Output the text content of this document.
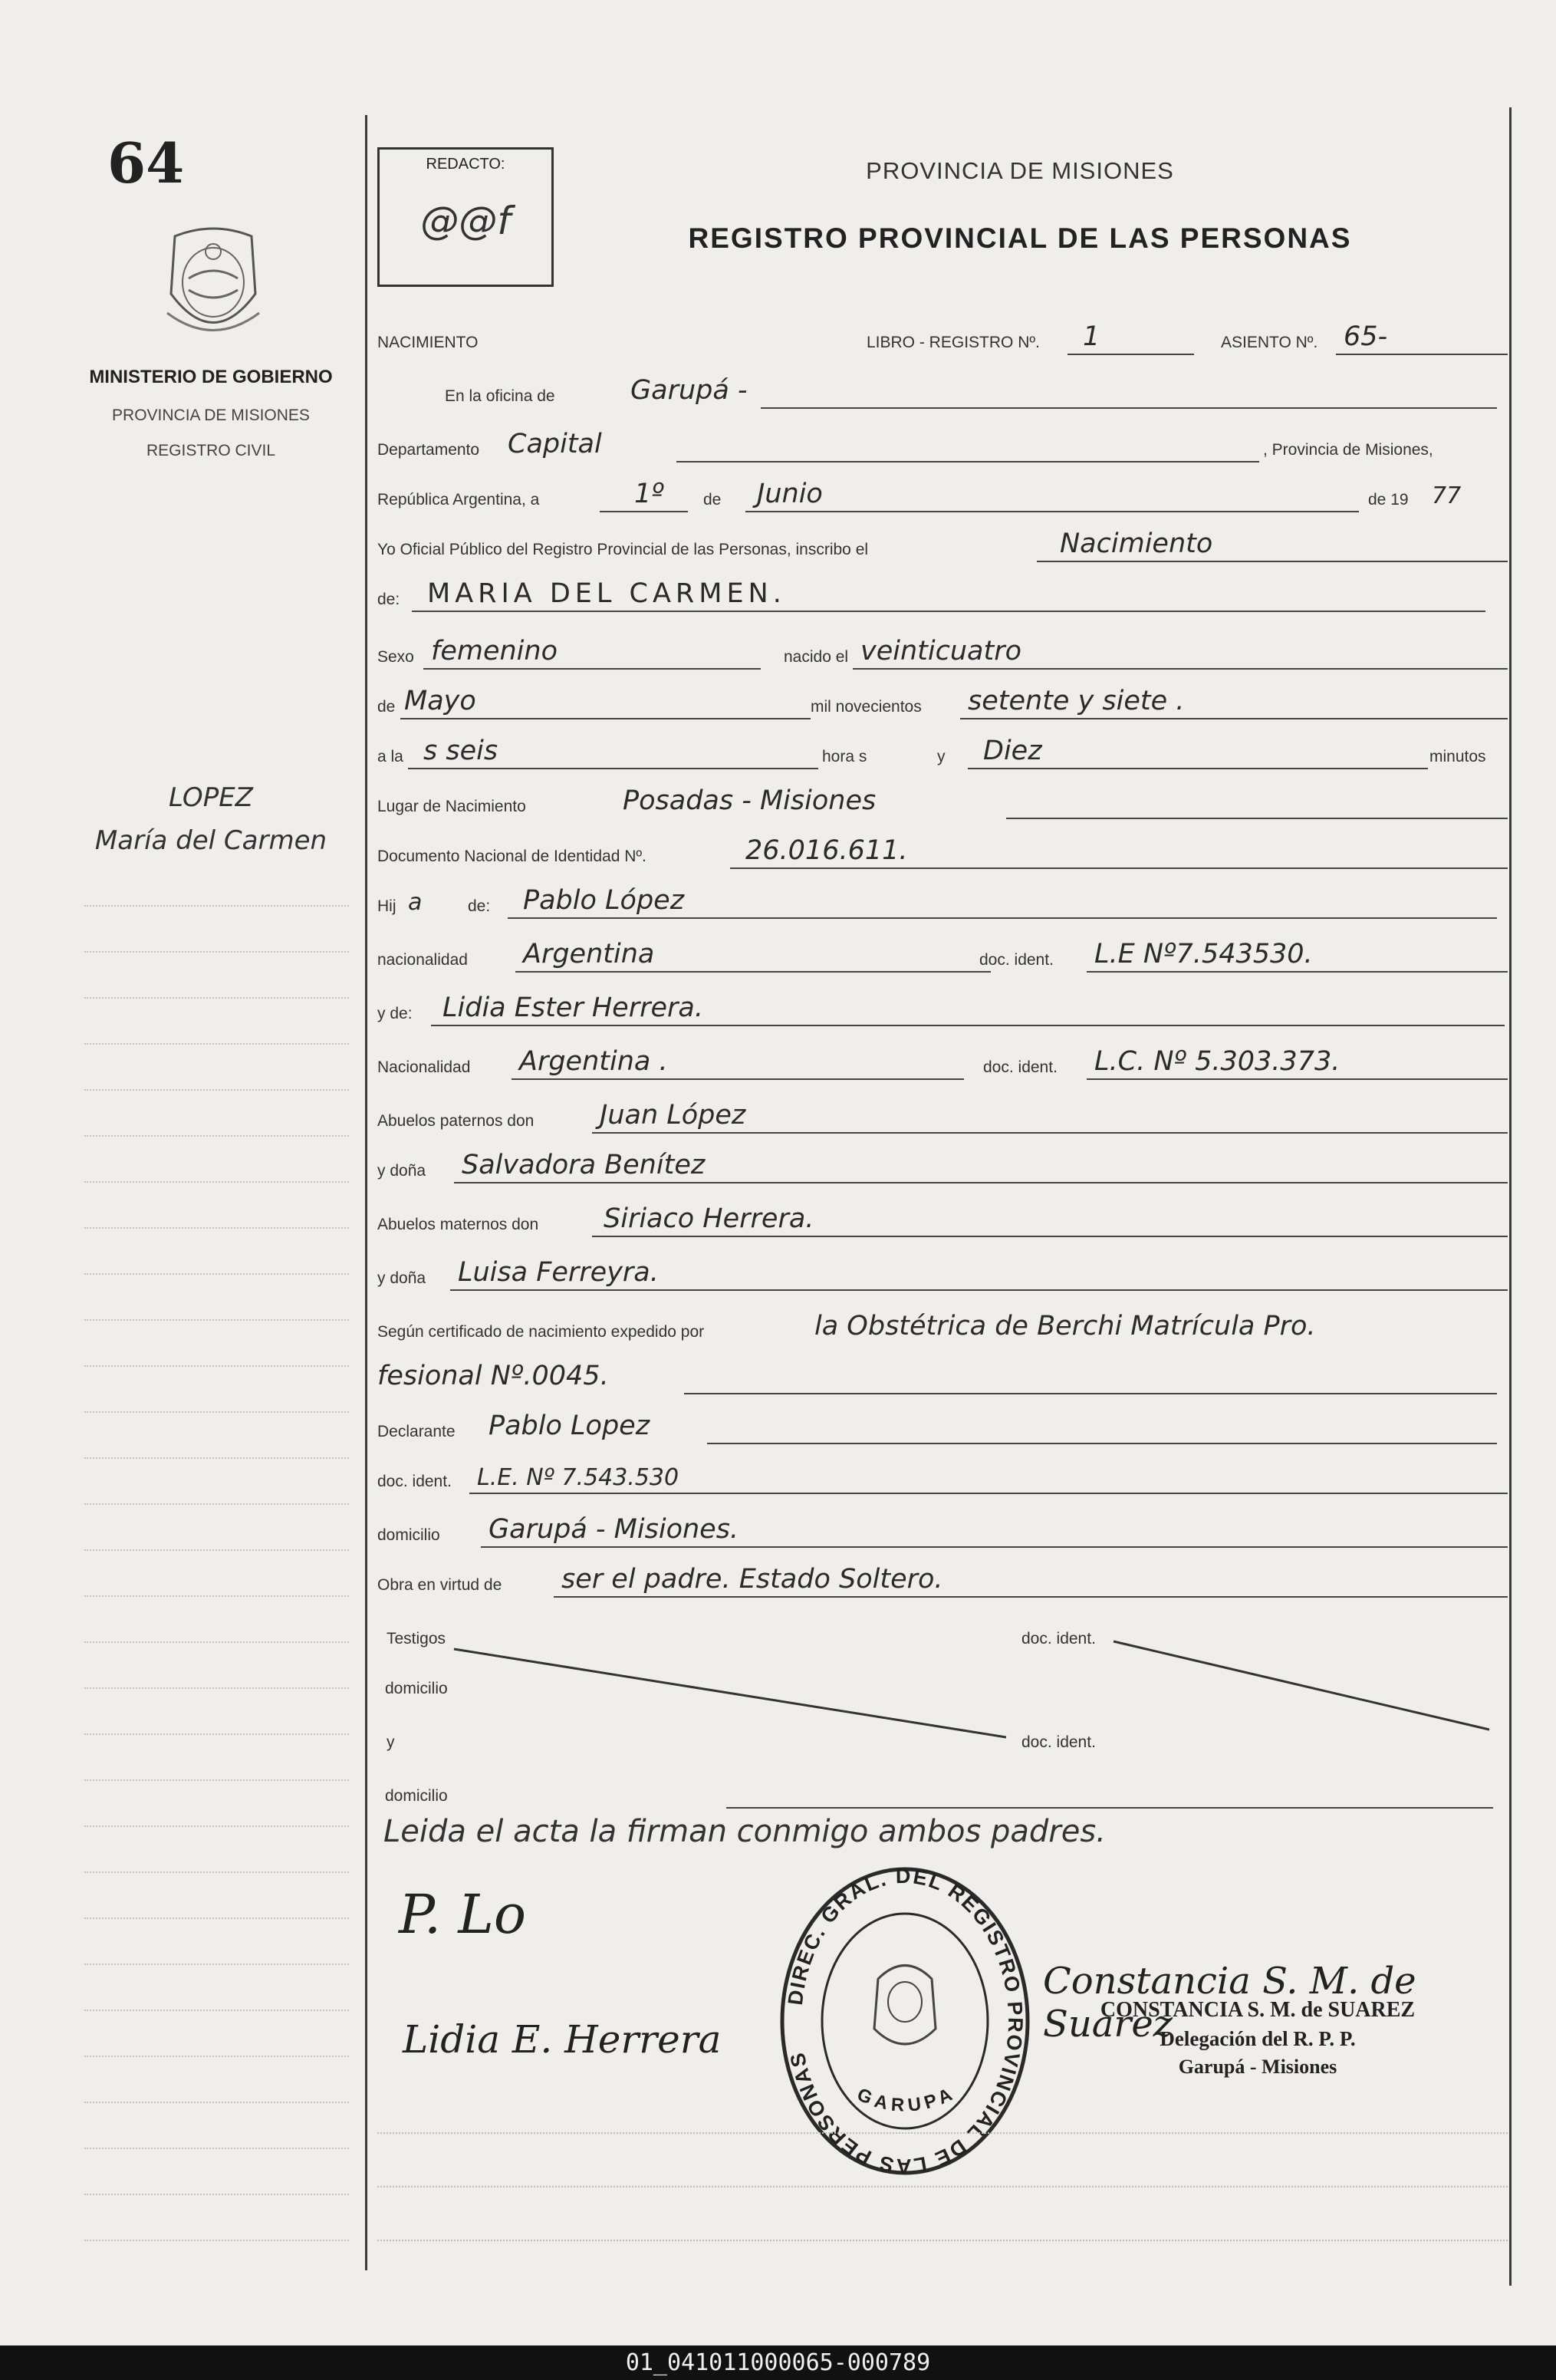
64
MINISTERIO DE GOBIERNO
PROVINCIA DE MISIONES
REGISTRO CIVIL
LOPEZ
María del Carmen
REDACTO:
@@f
PROVINCIA DE MISIONES
REGISTRO PROVINCIAL DE LAS PERSONAS
NACIMIENTO	LIBRO - REGISTRO Nº. 1	ASIENTO Nº. 65-
En la oficina de	Garupá -
Departamento Capital	, Provincia de Misiones,
República Argentina, a	1º de Junio	de 19 77
Yo Oficial Público del Registro Provincial de las Personas, inscribo el	Nacimiento
de: MARIA DEL CARMEN.
Sexo femenino	nacido el veinticuatro
de Mayo	mil novecientos setente y siete .
a la s seis	hora s	y Diez	minutos
Lugar de Nacimiento	Posadas - Misiones
Documento Nacional de Identidad Nº.	26.016.611.
Hij a	de: Pablo López
nacionalidad Argentina	doc. ident. L.E Nº7.543530.
y de: Lidia Ester Herrera.
Nacionalidad Argentina .	doc. ident. L.C. Nº 5.303.373.
Abuelos paternos don Juan López
y doña Salvadora Benítez
Abuelos maternos don Siriaco Herrera.
y doña Luisa Ferreyra.
Según certificado de nacimiento expedido por	la Obstétrica de Berchi Matrícula Pro.
fesional Nº.0045.
Declarante Pablo Lopez
doc. ident. L.E. Nº 7.543.530
domicilio Garupá - Misiones.
Obra en virtud de ser el padre. Estado Soltero.
Testigos	doc. ident.
domicilio
y	doc. ident.
domicilio
Leida el acta la firman conmigo ambos padres.
P. Lo
Lidia E. Herrera
Constancia S. M. de Suarez
DIREC. GRAL. DEL REGISTRO PROVINCIAL DE LAS PERSONAS
GARUPA
CONSTANCIA S. M. de SUAREZ
Delegación del R. P. P.
Garupá - Misiones
01_041011000065-000789
